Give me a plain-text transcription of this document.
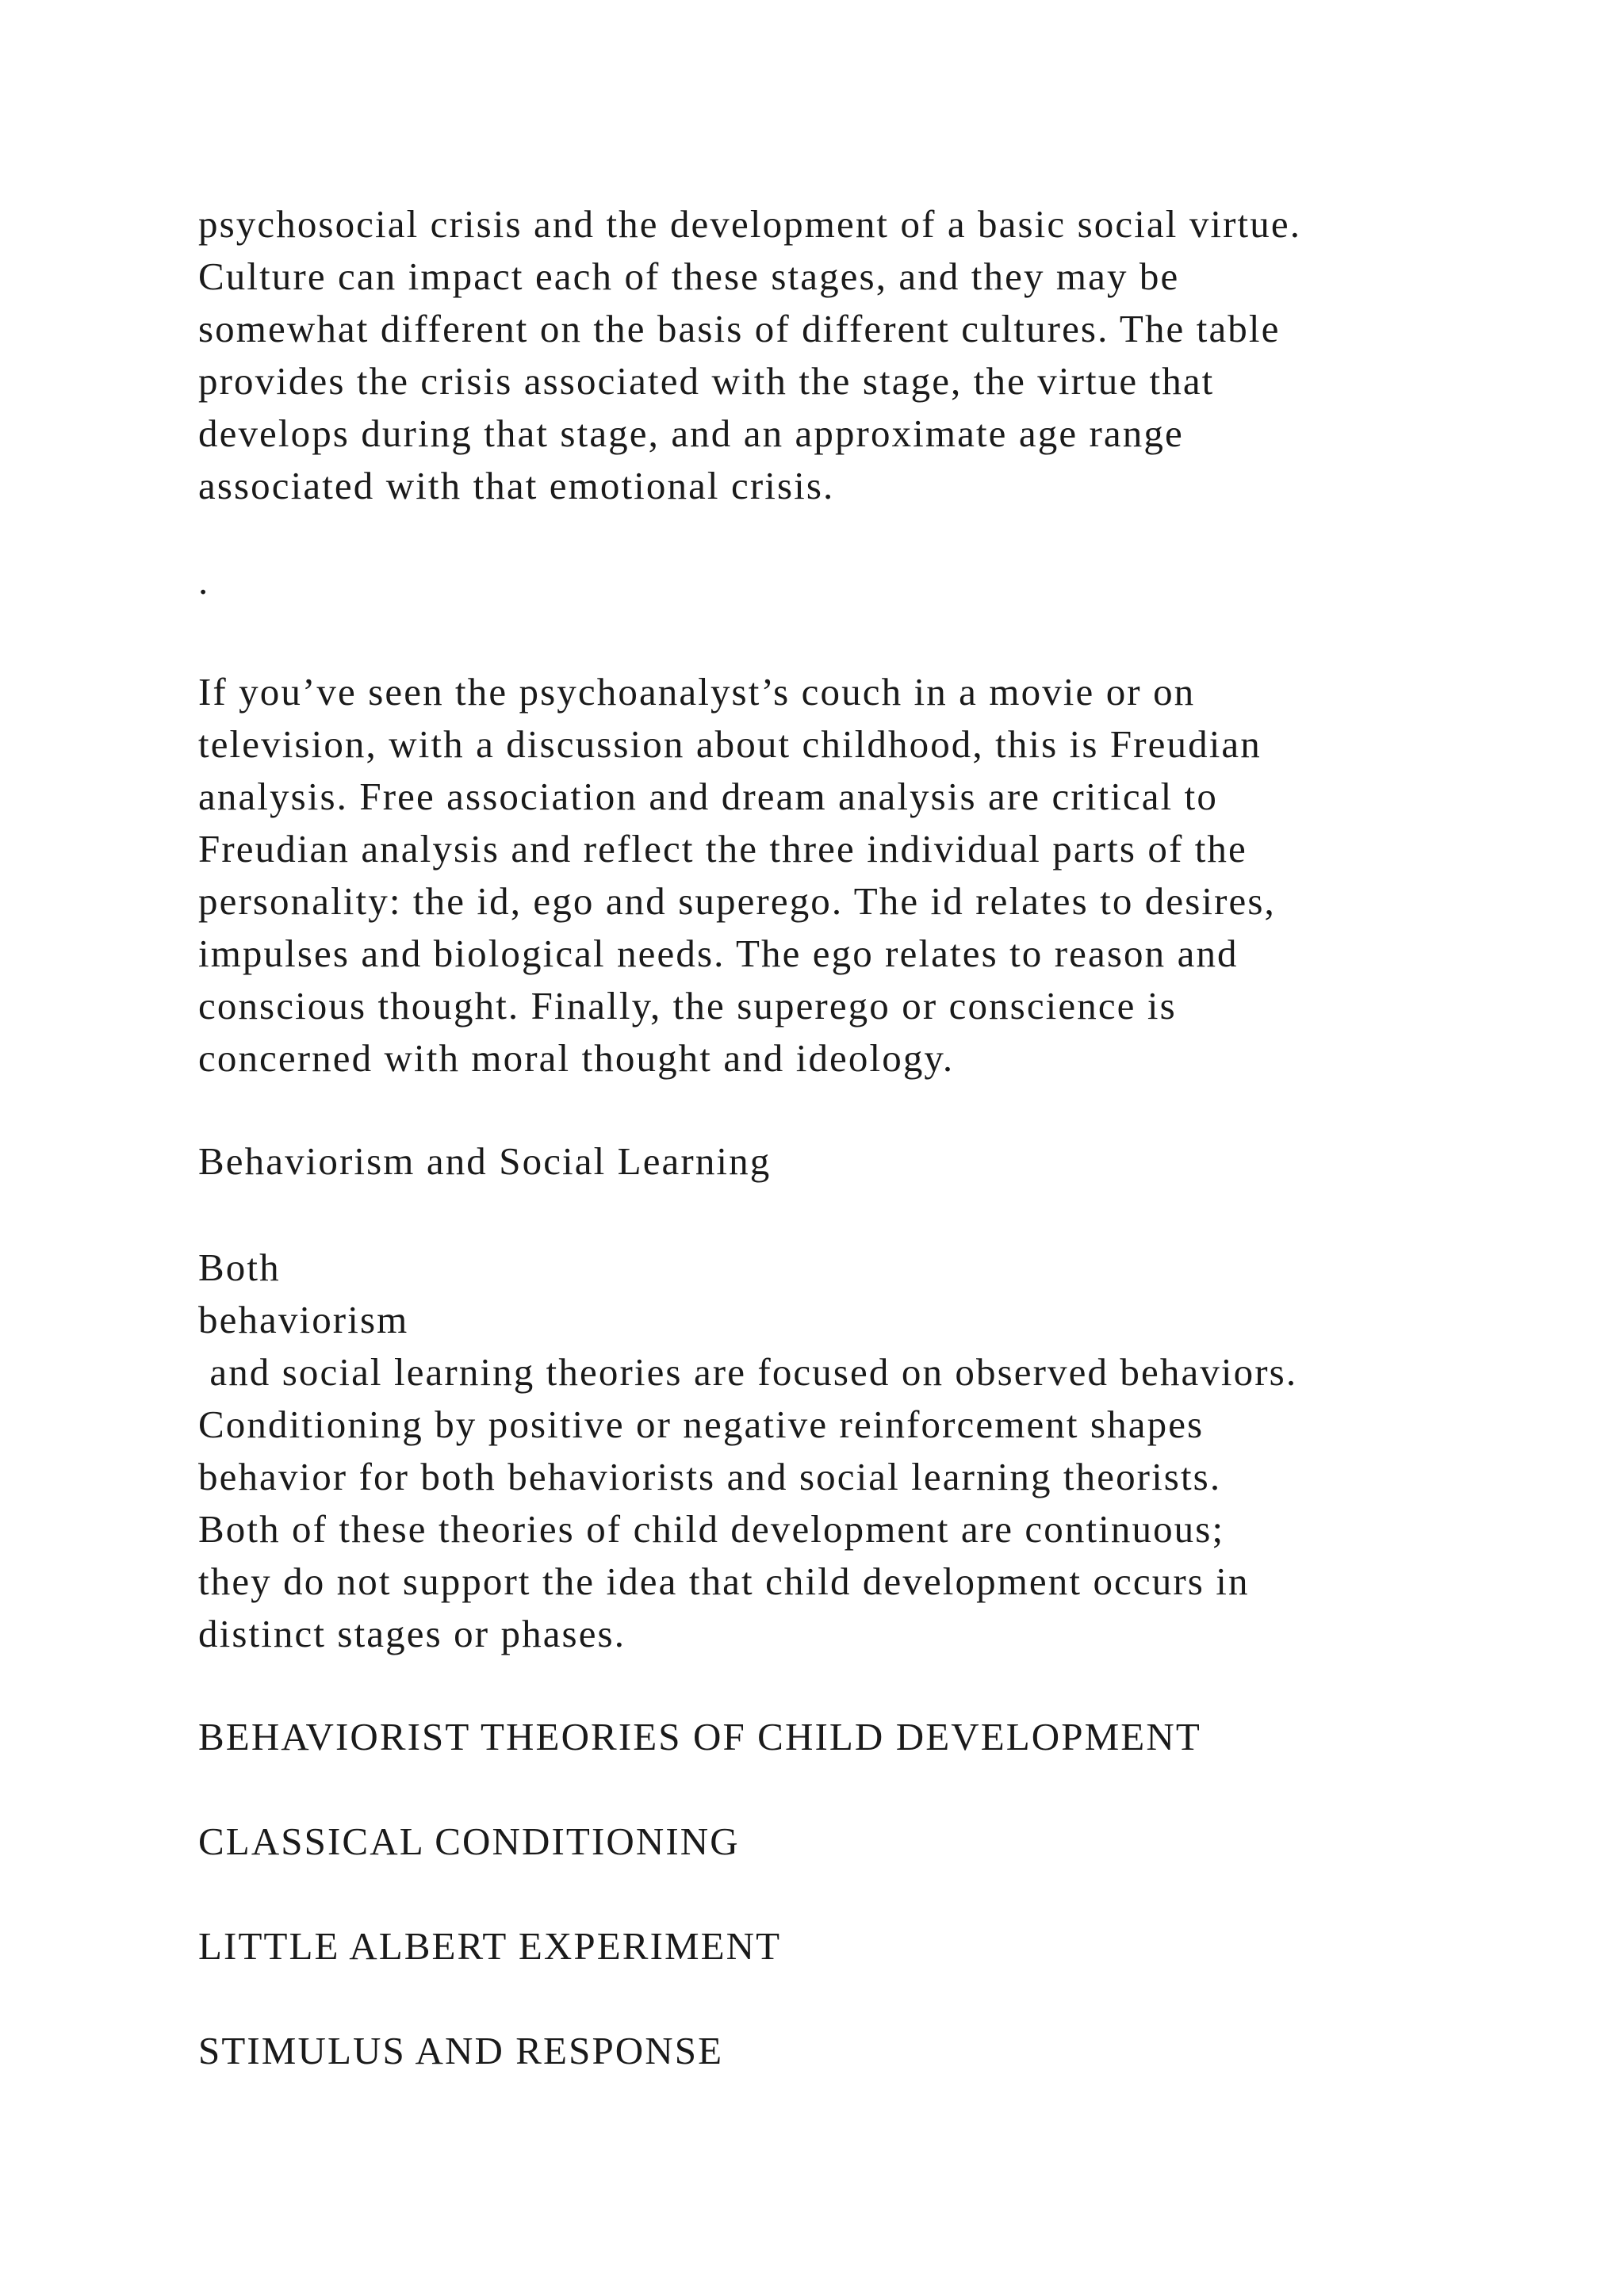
psychosocial crisis and the development of a basic social virtue.
Culture can impact each of these stages, and they may be
somewhat different on the basis of different cultures. The table
provides the crisis associated with the stage, the virtue that
develops during that stage, and an approximate age range
associated with that emotional crisis.
.
If you’ve seen the psychoanalyst’s couch in a movie or on
television, with a discussion about childhood, this is Freudian
analysis. Free association and dream analysis are critical to
Freudian analysis and reflect the three individual parts of the
personality: the id, ego and superego. The id relates to desires,
impulses and biological needs. The ego relates to reason and
conscious thought. Finally, the superego or conscience is
concerned with moral thought and ideology.
Behaviorism and Social Learning
Both
behaviorism
and social learning theories are focused on observed behaviors.
Conditioning by positive or negative reinforcement shapes
behavior for both behaviorists and social learning theorists.
Both of these theories of child development are continuous;
they do not support the idea that child development occurs in
distinct stages or phases.
BEHAVIORIST THEORIES OF CHILD DEVELOPMENT
CLASSICAL CONDITIONING
LITTLE ALBERT EXPERIMENT
STIMULUS AND RESPONSE
